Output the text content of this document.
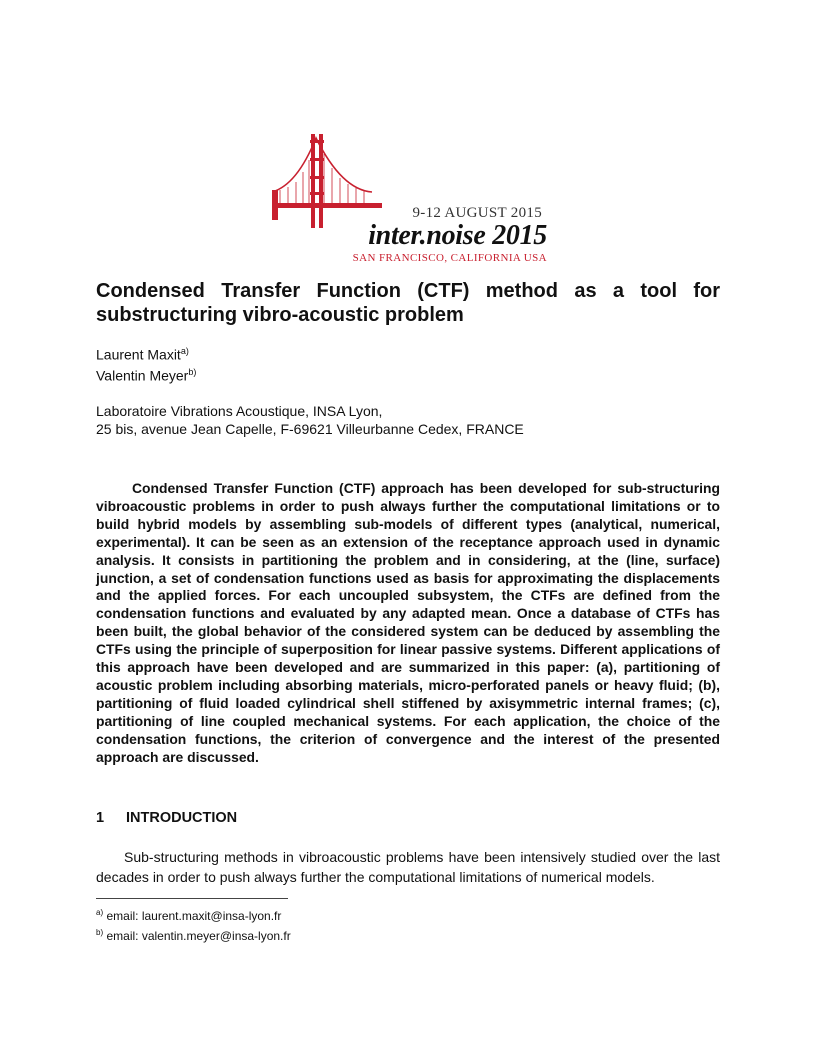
9-12 AUGUST 2015
inter.noise 2015
SAN FRANCISCO, CALIFORNIA USA
Condensed Transfer Function (CTF) method as a tool for
substructuring vibro-acoustic problem
Laurent Maxit$^{a)}$
Valentin Meyer$^{b)}$
Laboratoire Vibrations Acoustique, INSA Lyon,
25 bis, avenue Jean Capelle, F-69621 Villeurbanne Cedex, FRANCE

Condensed Transfer Function (CTF) approach has been developed for sub-structuring vibroacoustic problems in order to push always further the computational limitations or to build hybrid models by assembling sub-models of different types (analytical, numerical, experimental). It can be seen as an extension of the receptance approach used in dynamic analysis. It consists in partitioning the problem and in considering, at the (line, surface) junction, a set of condensation functions used as basis for approximating the displacements and the applied forces. For each uncoupled subsystem, the CTFs are defined from the condensation functions and evaluated by any adapted mean. Once a database of CTFs has been built, the global behavior of the considered system can be deduced by assembling the CTFs using the principle of superposition for linear passive systems. Different applications of this approach have been developed and are summarized in this paper: (a), partitioning of acoustic problem including absorbing materials, micro-perforated panels or heavy fluid; (b), partitioning of fluid loaded cylindrical shell stiffened by axisymmetric internal frames; (c), partitioning of line coupled mechanical systems. For each application, the choice of the condensation functions, the criterion of convergence and the interest of the presented approach are discussed.

1 INTRODUCTION

Sub-structuring methods in vibroacoustic problems have been intensively studied over the last decades in order to push always further the computational limitations of numerical models.

$^{a)}$ email: laurent.maxit@insa-lyon.fr
$^{b)}$ email: valentin.meyer@insa-lyon.fr
